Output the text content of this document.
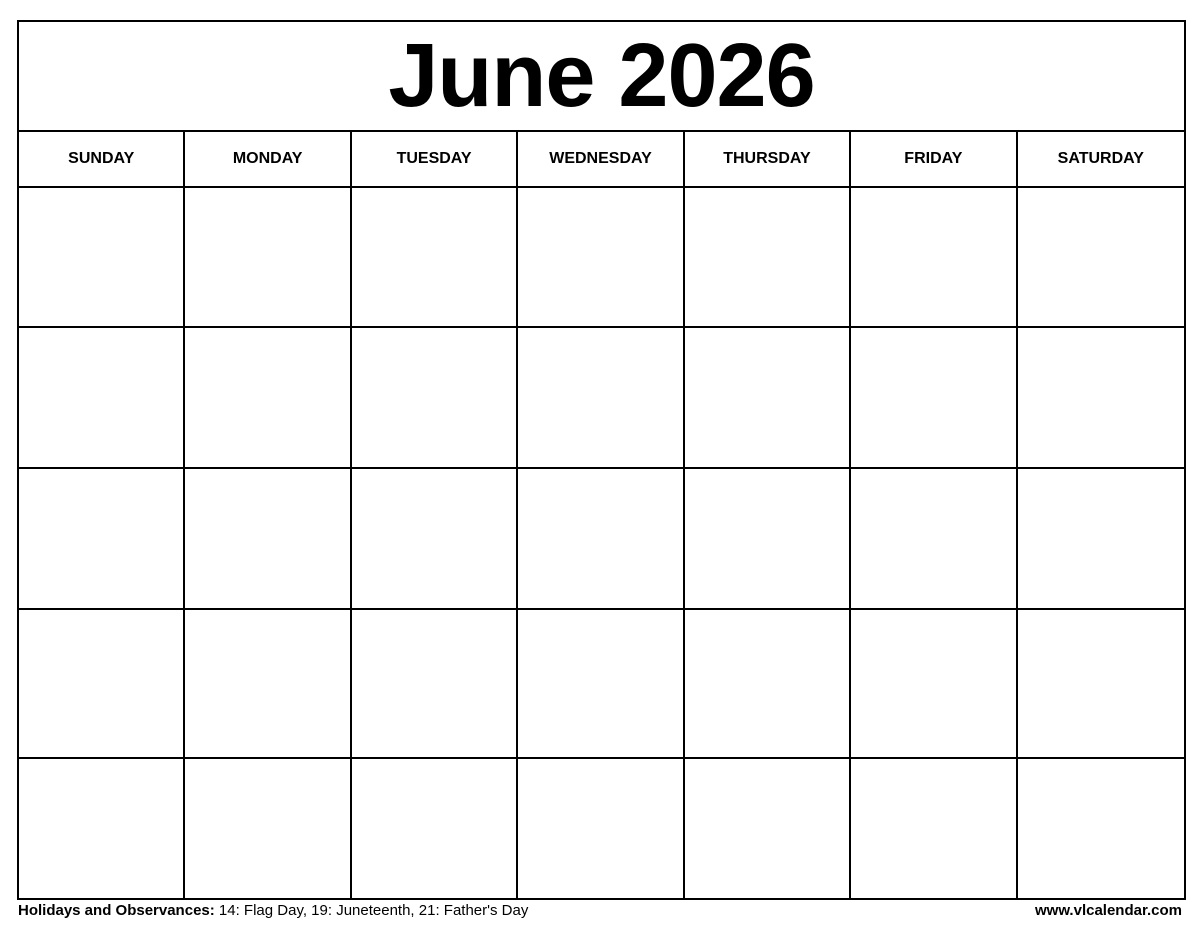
June 2026
SUNDAY	MONDAY	TUESDAY	WEDNESDAY	THURSDAY	FRIDAY	SATURDAY
Holidays and Observances: 14: Flag Day, 19: Juneteenth, 21: Father's Day	www.vlcalendar.com
